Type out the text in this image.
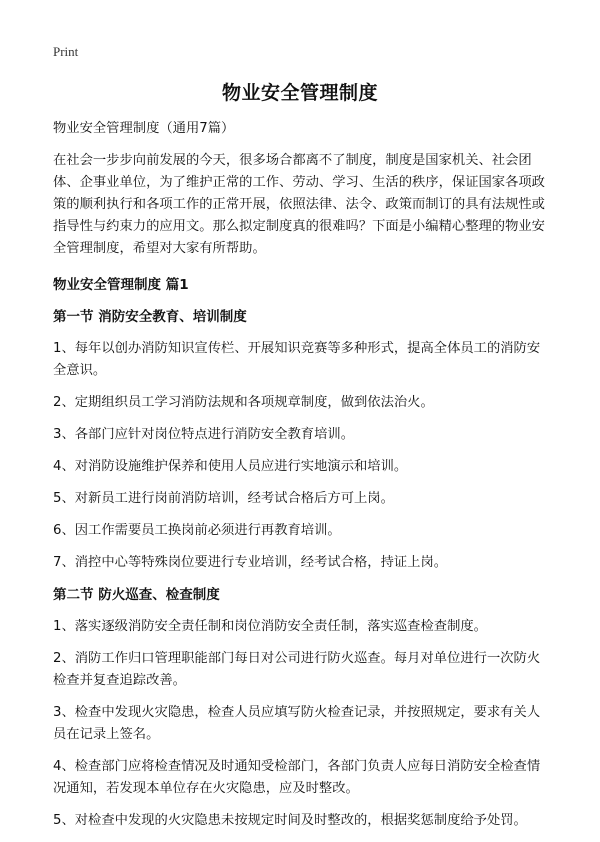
Print
物业安全管理制度

物业安全管理制度（通用7篇）

在社会一步步向前发展的今天，很多场合都离不了制度，制度是国家机关、社会团体、企事业单位，为了维护正常的工作、劳动、学习、生活的秩序，保证国家各项政策的顺利执行和各项工作的正常开展，依照法律、法令、政策而制订的具有法规性或指导性与约束力的应用文。那么拟定制度真的很难吗？下面是小编精心整理的物业安全管理制度，希望对大家有所帮助。

物业安全管理制度 篇1

第一节 消防安全教育、培训制度

1、每年以创办消防知识宣传栏、开展知识竞赛等多种形式，提高全体员工的消防安全意识。

2、定期组织员工学习消防法规和各项规章制度，做到依法治火。

3、各部门应针对岗位特点进行消防安全教育培训。

4、对消防设施维护保养和使用人员应进行实地演示和培训。

5、对新员工进行岗前消防培训，经考试合格后方可上岗。

6、因工作需要员工换岗前必须进行再教育培训。

7、消控中心等特殊岗位要进行专业培训，经考试合格，持证上岗。

第二节 防火巡查、检查制度

1、落实逐级消防安全责任制和岗位消防安全责任制，落实巡查检查制度。

2、消防工作归口管理职能部门每日对公司进行防火巡查。每月对单位进行一次防火检查并复查追踪改善。

3、检查中发现火灾隐患，检查人员应填写防火检查记录，并按照规定，要求有关人员在记录上签名。

4、检查部门应将检查情况及时通知受检部门，各部门负责人应每日消防安全检查情况通知，若发现本单位存在火灾隐患，应及时整改。

5、对检查中发现的火灾隐患未按规定时间及时整改的，根据奖惩制度给予处罚。
